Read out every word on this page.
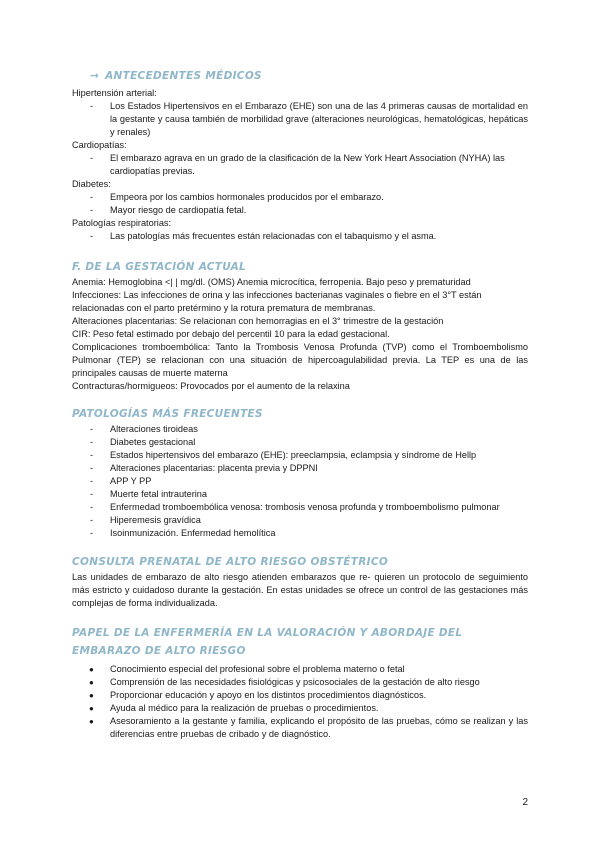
→ ANTECEDENTES MÉDICOS

Hipertensión arterial:

- Los Estados Hipertensivos en el Embarazo (EHE) son una de las 4 primeras causas de mortalidad en la gestante y causa también de morbilidad grave (alteraciones neurológicas, hematológicas, hepáticas y renales)

Cardiopatías:

- El embarazo agrava en un grado de la clasificación de la New York Heart Association (NYHA) las cardiopatías previas.

Diabetes:

- Empeora por los cambios hormonales producidos por el embarazo.
- Mayor riesgo de cardiopatía fetal.

Patologías respiratorias:

- Las patologías más frecuentes están relacionadas con el tabaquismo y el asma.
F. DE LA GESTACIÓN ACTUAL

Anemia: Hemoglobina <| | mg/dl. (OMS) Anemia microcítica, ferropenia. Bajo peso y prematuridad

Infecciones: Las infecciones de orina y las infecciones bacterianas vaginales o fiebre en el 3°T están relacionadas con el parto pretérmino y la rotura prematura de membranas.

Alteraciones placentarias: Se relacionan con hemorragias en el 3° trimestre de la gestación

CIR: Peso fetal estimado por debajo del percentil 10 para la edad gestacional.

Complicaciones tromboembólica: Tanto la Trombosis Venosa Profunda (TVP) como el Tromboembolismo Pulmonar (TEP) se relacionan con una situación de hipercoagulabilidad previa. La TEP es una de las principales causas de muerte materna

Contracturas/hormigueos: Provocados por el aumento de la relaxina

PATOLOGÍAS MÁS FRECUENTES
- Alteraciones tiroideas
- Diabetes gestacional
- Estados hipertensivos del embarazo (EHE): preeclampsia, eclampsia y síndrome de Hellp
- Alteraciones placentarias: placenta previa y DPPNI
- APP Y PP
- Muerte fetal intrauterina
- Enfermedad tromboembólica venosa: trombosis venosa profunda y tromboembolismo pulmonar
- Hiperemesis gravídica
- Isoinmunización. Enfermedad hemolítica
CONSULTA PRENATAL DE ALTO RIESGO OBSTÉTRICO

Las unidades de embarazo de alto riesgo atienden embarazos que re- quieren un protocolo de seguimiento más estricto y cuidadoso durante la gestación. En estas unidades se ofrece un control de las gestaciones más complejas de forma individualizada.

PAPEL DE LA ENFERMERÍA EN LA VALORACIÓN Y ABORDAJE DEL EMBARAZO DE ALTO RIESGO
● Conocimiento especial del profesional sobre el problema materno o fetal
● Comprensión de las necesidades fisiológicas y psicosociales de la gestación de alto riesgo
● Proporcionar educación y apoyo en los distintos procedimientos diagnósticos.
● Ayuda al médico para la realización de pruebas o procedimientos.
● Asesoramiento a la gestante y familia, explicando el propósito de las pruebas, cómo se realizan y las diferencias entre pruebas de cribado y de diagnóstico.
2
